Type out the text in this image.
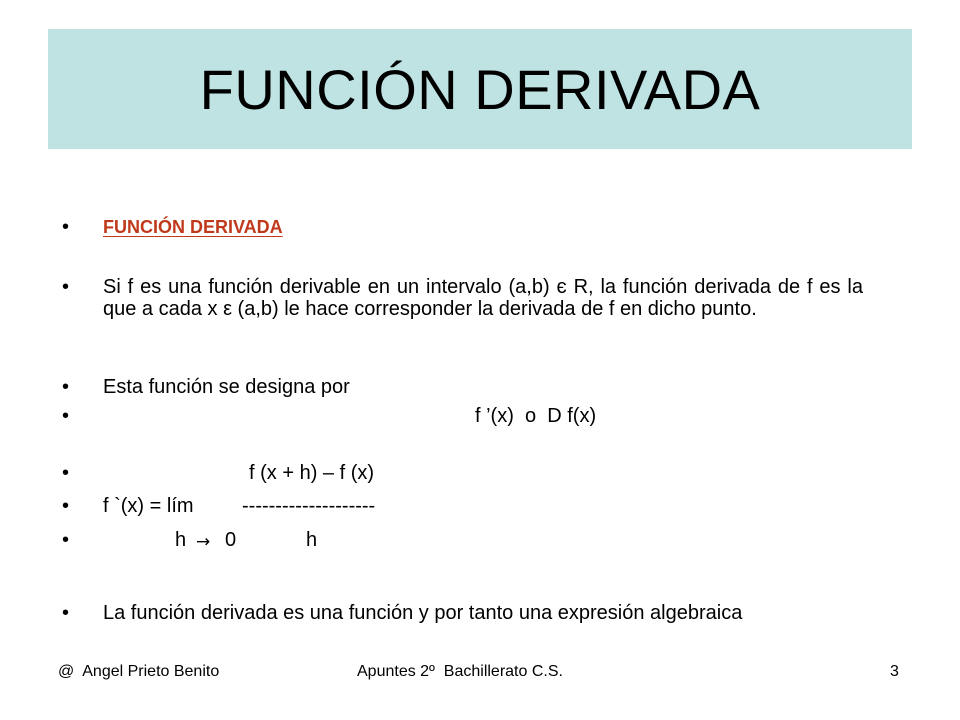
FUNCIÓN DERIVADA
•
•
•
•
•
•
•
•
FUNCIÓN DERIVADA
Si f es una función derivable en un intervalo (a,b) є R, la función derivada de f es la que a cada x ε (a,b) le hace corresponder la derivada de f en dicho punto.
Esta función se designa por
f ’(x)  o  D f(x)
f (x + h) – f (x)
f `(x) = lím --------------------
h → 0	h
La función derivada es una función y por tanto una expresión algebraica
@  Angel Prieto Benito	Apuntes 2º  Bachillerato C.S.	3
